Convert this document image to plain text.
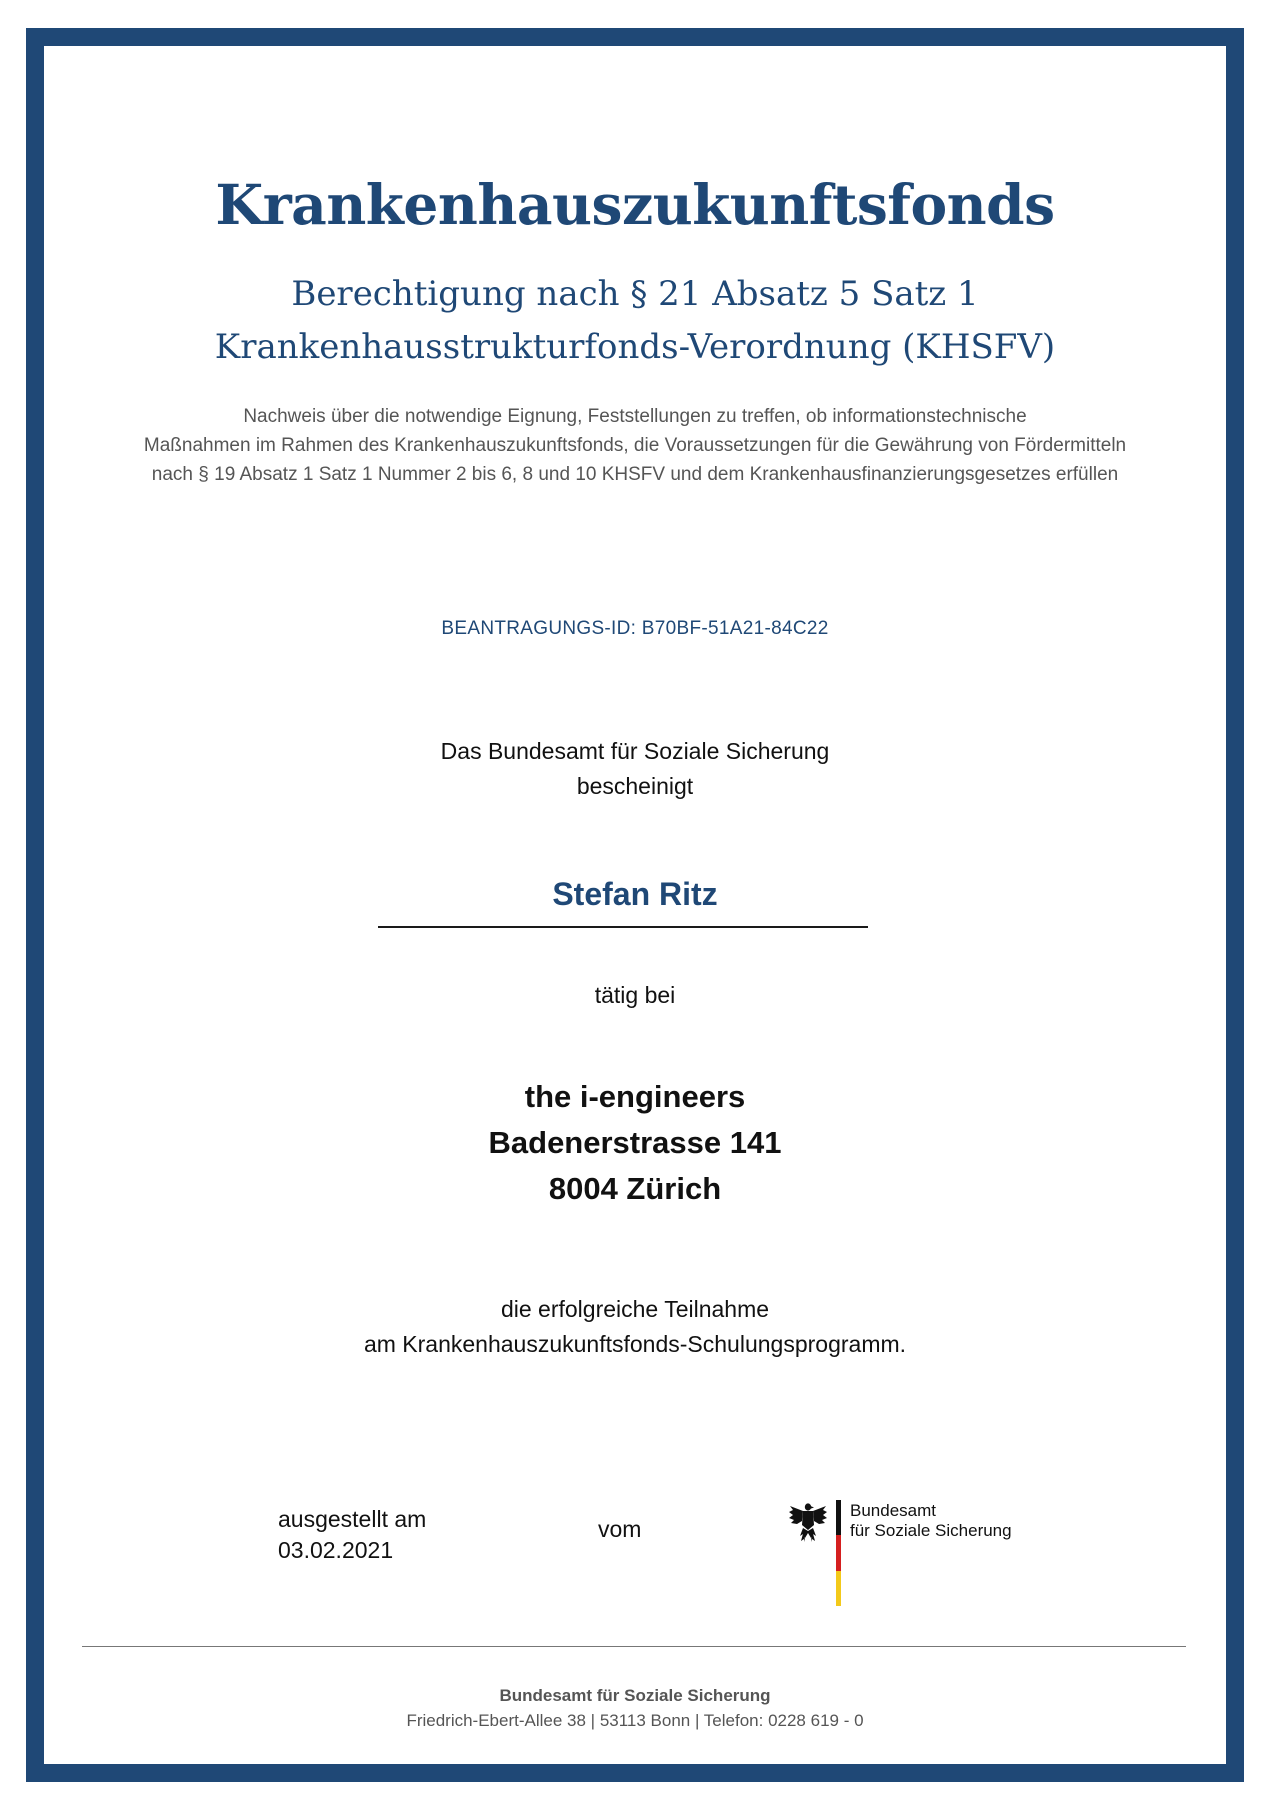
Krankenhauszukunftsfonds
Berechtigung nach § 21 Absatz 5 Satz 1
Krankenhausstrukturfonds-Verordnung (KHSFV)
Nachweis über die notwendige Eignung, Feststellungen zu treffen, ob informationstechnische
Maßnahmen im Rahmen des Krankenhauszukunftsfonds, die Voraussetzungen für die Gewährung von Fördermitteln
nach § 19 Absatz 1 Satz 1 Nummer 2 bis 6, 8 und 10 KHSFV und dem Krankenhausfinanzierungsgesetzes erfüllen
BEANTRAGUNGS-ID: B70BF-51A21-84C22
Das Bundesamt für Soziale Sicherung
bescheinigt
Stefan Ritz
tätig bei
the i-engineers
Badenerstrasse 141
8004 Zürich
die erfolgreiche Teilnahme
am Krankenhauszukunftsfonds-Schulungsprogramm.
ausgestellt am
03.02.2021
vom
Bundesamt
für Soziale Sicherung
Bundesamt für Soziale Sicherung
Friedrich-Ebert-Allee 38 | 53113 Bonn | Telefon: 0228 619 - 0
